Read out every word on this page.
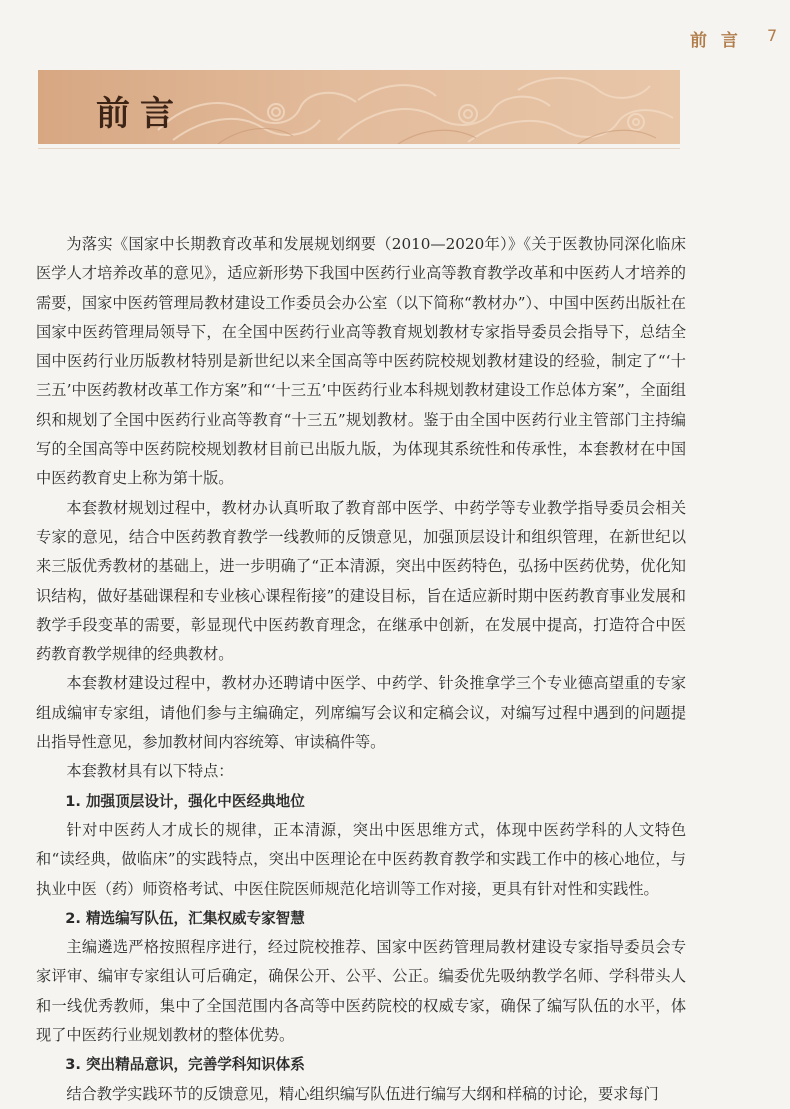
前 言 7
前言

为落实《国家中长期教育改革和发展规划纲要（2010—2020年）》《关于医教协同深化临床医学人才培养改革的意见》，适应新形势下我国中医药行业高等教育教学改革和中医药人才培养的需要，国家中医药管理局教材建设工作委员会办公室（以下简称“教材办”）、中国中医药出版社在国家中医药管理局领导下，在全国中医药行业高等教育规划教材专家指导委员会指导下，总结全国中医药行业历版教材特别是新世纪以来全国高等中医药院校规划教材建设的经验，制定了“‘十三五’中医药教材改革工作方案”和“‘十三五’中医药行业本科规划教材建设工作总体方案”，全面组织和规划了全国中医药行业高等教育“十三五”规划教材。鉴于由全国中医药行业主管部门主持编写的全国高等中医药院校规划教材目前已出版九版，为体现其系统性和传承性，本套教材在中国中医药教育史上称为第十版。

本套教材规划过程中，教材办认真听取了教育部中医学、中药学等专业教学指导委员会相关专家的意见，结合中医药教育教学一线教师的反馈意见，加强顶层设计和组织管理，在新世纪以来三版优秀教材的基础上，进一步明确了“正本清源，突出中医药特色，弘扬中医药优势，优化知识结构，做好基础课程和专业核心课程衔接”的建设目标，旨在适应新时期中医药教育事业发展和教学手段变革的需要，彰显现代中医药教育理念，在继承中创新，在发展中提高，打造符合中医药教育教学规律的经典教材。

本套教材建设过程中，教材办还聘请中医学、中药学、针灸推拿学三个专业德高望重的专家组成编审专家组，请他们参与主编确定，列席编写会议和定稿会议，对编写过程中遇到的问题提出指导性意见，参加教材间内容统筹、审读稿件等。

本套教材具有以下特点：

1. 加强顶层设计，强化中医经典地位

针对中医药人才成长的规律，正本清源，突出中医思维方式，体现中医药学科的人文特色和“读经典，做临床”的实践特点，突出中医理论在中医药教育教学和实践工作中的核心地位，与执业中医（药）师资格考试、中医住院医师规范化培训等工作对接，更具有针对性和实践性。

2. 精选编写队伍，汇集权威专家智慧

主编遴选严格按照程序进行，经过院校推荐、国家中医药管理局教材建设专家指导委员会专家评审、编审专家组认可后确定，确保公开、公平、公正。编委优先吸纳教学名师、学科带头人和一线优秀教师，集中了全国范围内各高等中医药院校的权威专家，确保了编写队伍的水平，体现了中医药行业规划教材的整体优势。

3. 突出精品意识，完善学科知识体系

结合教学实践环节的反馈意见，精心组织编写队伍进行编写大纲和样稿的讨论，要求每门
